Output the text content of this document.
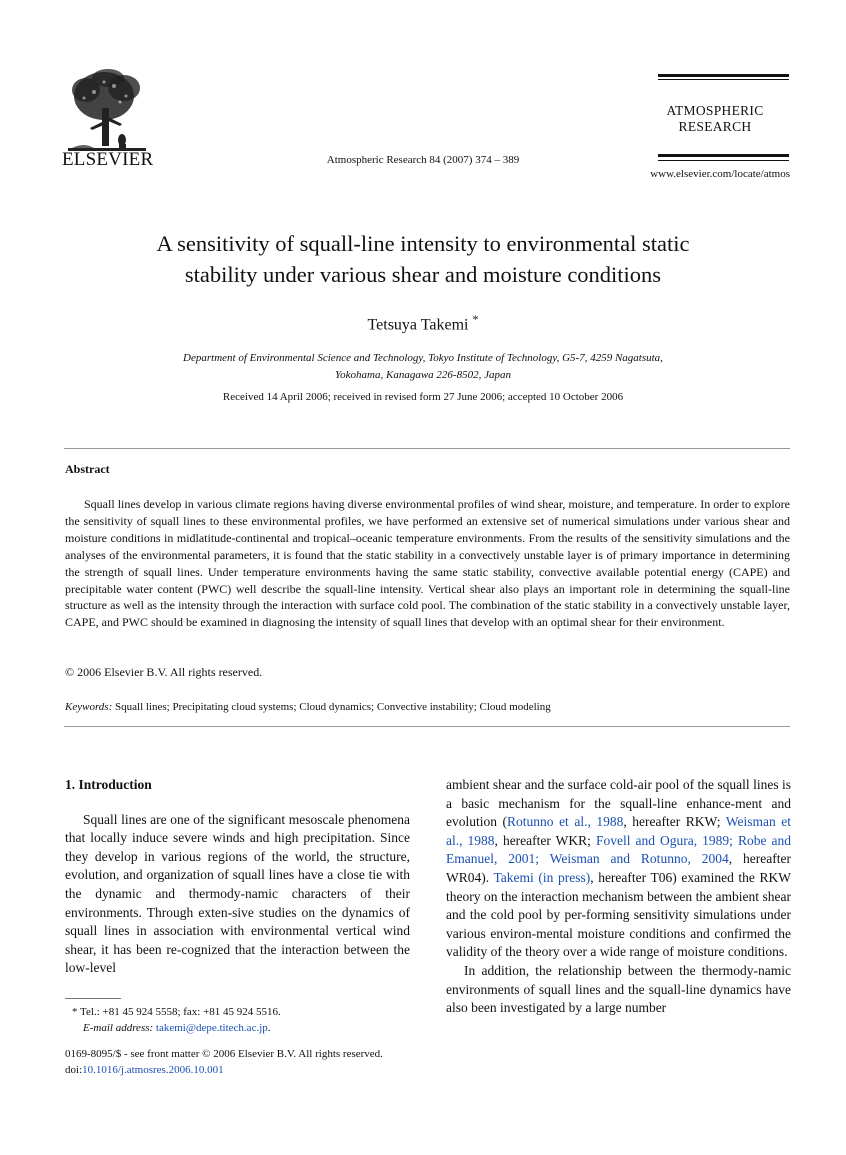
ELSEVIER	Atmospheric Research 84 (2007) 374 – 389
ATMOSPHERIC
RESEARCH
www.elsevier.com/locate/atmos
A sensitivity of squall-line intensity to environmental static
stability under various shear and moisture conditions
Tetsuya Takemi *
Department of Environmental Science and Technology, Tokyo Institute of Technology, G5-7, 4259 Nagatsuta,
Yokohama, Kanagawa 226-8502, Japan
Received 14 April 2006; received in revised form 27 June 2006; accepted 10 October 2006
Abstract
Squall lines develop in various climate regions having diverse environmental profiles of wind shear, moisture, and temperature. In order to explore the sensitivity of squall lines to these environmental profiles, we have performed an extensive set of numerical simulations under various shear and moisture conditions in midlatitude-continental and tropical–oceanic temperature environments. From the results of the sensitivity simulations and the analyses of the environmental parameters, it is found that the static stability in a convectively unstable layer is of primary importance in determining the strength of squall lines. Under temperature environments having the same static stability, convective available potential energy (CAPE) and precipitable water content (PWC) well describe the squall-line intensity. Vertical shear also plays an important role in determining the squall-line structure as well as the intensity through the interaction with surface cold pool. The combination of the static stability in a convectively unstable layer, CAPE, and PWC should be examined in diagnosing the intensity of squall lines that develop with an optimal shear for their environment.
© 2006 Elsevier B.V. All rights reserved.
Keywords: Squall lines; Precipitating cloud systems; Cloud dynamics; Convective instability; Cloud modeling
1. Introduction

Squall lines are one of the significant mesoscale phenomena that locally induce severe winds and high precipitation. Since they develop in various regions of the world, the structure, evolution, and organization of squall lines have a close tie with the dynamic and thermody-namic characters of their environments. Through exten-sive studies on the dynamics of squall lines in association with environmental vertical wind shear, it has been re-cognized that the interaction between the low-level

ambient shear and the surface cold-air pool of the squall lines is a basic mechanism for the squall-line enhance-ment and evolution (Rotunno et al., 1988, hereafter RKW; Weisman et al., 1988, hereafter WKR; Fovell and Ogura, 1989; Robe and Emanuel, 2001; Weisman and Rotunno, 2004, hereafter WR04). Takemi (in press), hereafter T06) examined the RKW theory on the interaction mechanism between the ambient shear and the cold pool by per-forming sensitivity simulations under various environ-mental moisture conditions and confirmed the validity of the theory over a wide range of moisture conditions.

In addition, the relationship between the thermody-namic environments of squall lines and the squall-line dynamics have also been investigated by a large number

* Tel.: +81 45 924 5558; fax: +81 45 924 5516.
E-mail address: takemi@depe.titech.ac.jp.
0169-8095/$ - see front matter © 2006 Elsevier B.V. All rights reserved.
doi:10.1016/j.atmosres.2006.10.001
